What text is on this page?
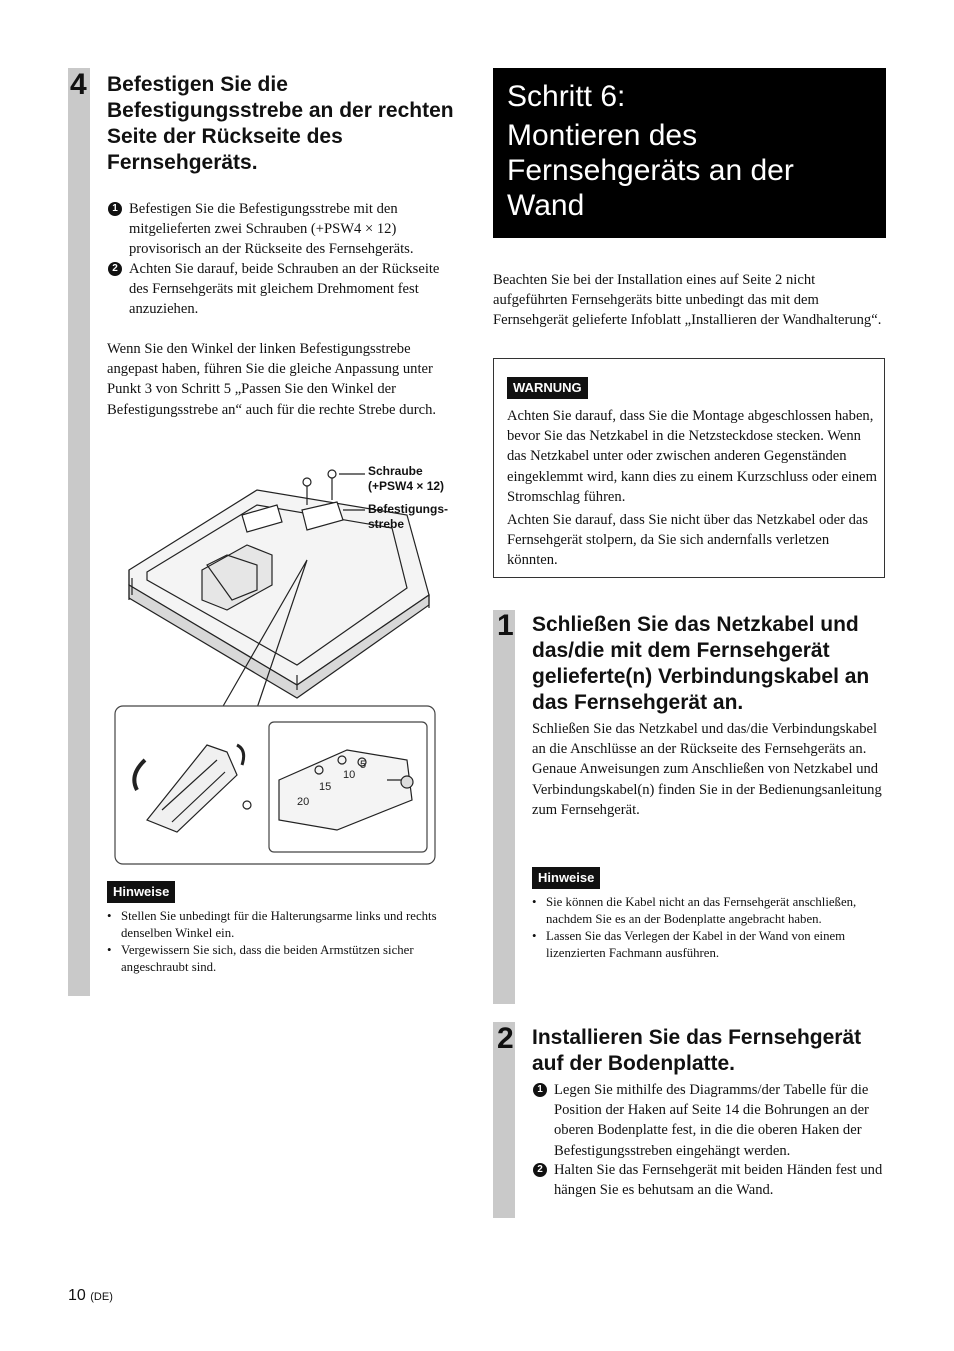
4 Befestigen Sie die Befestigungsstrebe an der rechten Seite der Rückseite des Fernsehgeräts.
1 Befestigen Sie die Befestigungsstrebe mit den mitgelieferten zwei Schrauben (+PSW4 × 12) provisorisch an der Rückseite des Fernsehgeräts.
2 Achten Sie darauf, beide Schrauben an der Rückseite des Fernsehgeräts mit gleichem Drehmoment fest anzuziehen.
Wenn Sie den Winkel der linken Befestigungsstrebe angepast haben, führen Sie die gleiche Anpassung unter Punkt 3 von Schritt 5 „Passen Sie den Winkel der Befestigungsstrebe an“ auch für die rechte Strebe durch.
10
5
15
20
Schraube
(+PSW4 × 12)
Befestigungs-
strebe
Hinweise
• Stellen Sie unbedingt für die Halterungsarme links und rechts denselben Winkel ein.
• Vergewissern Sie sich, dass die beiden Armstützen sicher angeschraubt sind.
Schritt 6:
Montieren des Fernsehgeräts an der Wand
Beachten Sie bei der Installation eines auf Seite 2 nicht aufgeführten Fernsehgeräts bitte unbedingt das mit dem Fernsehgerät gelieferte Infoblatt „Installieren der Wandhalterung“.
WARNUNG
Achten Sie darauf, dass Sie die Montage abgeschlossen haben, bevor Sie das Netzkabel in die Netzsteckdose stecken. Wenn das Netzkabel unter oder zwischen anderen Gegenständen eingeklemmt wird, kann dies zu einem Kurzschluss oder einem Stromschlag führen.
Achten Sie darauf, dass Sie nicht über das Netzkabel oder das Fernsehgerät stolpern, da Sie sich andernfalls verletzen könnten.
1 Schließen Sie das Netzkabel und das/die mit dem Fernsehgerät gelieferte(n) Verbindungskabel an das Fernsehgerät an.
Schließen Sie das Netzkabel und das/die Verbindungskabel an die Anschlüsse an der Rückseite des Fernsehgeräts an. Genaue Anweisungen zum Anschließen von Netzkabel und Verbindungskabel(n) finden Sie in der Bedienungsanleitung zum Fernsehgerät.
Hinweise
• Sie können die Kabel nicht an das Fernsehgerät anschließen, nachdem Sie es an der Bodenplatte angebracht haben.
• Lassen Sie das Verlegen der Kabel in der Wand von einem lizenzierten Fachmann ausführen.
2 Installieren Sie das Fernsehgerät auf der Bodenplatte.
1 Legen Sie mithilfe des Diagramms/der Tabelle für die Position der Haken auf Seite 14 die Bohrungen an der oberen Bodenplatte fest, in die die oberen Haken der Befestigungsstreben eingehängt werden.
2 Halten Sie das Fernsehgerät mit beiden Händen fest und hängen Sie es behutsam an die Wand.
10 (DE)
